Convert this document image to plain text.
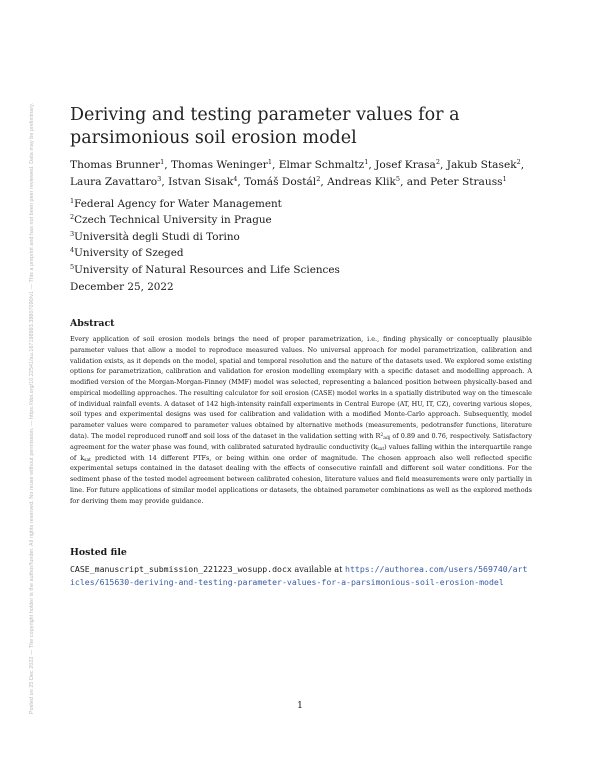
Posted on 25 Dec 2022 — The copyright holder is the author/funder. All rights reserved. No reuse without permission. — https://doi.org/10.22541/au.167198993.39807090/v1 — This a preprint and has not been peer reviewed. Data may be preliminary. Deriving and testing parameter values for a parsimonious soil erosion model
Thomas Brunner$^1$, Thomas Weninger$^1$, Elmar Schmaltz$^1$, Josef Krasa$^2$, Jakub Stasek$^2$, Laura Zavattaro$^3$, Istvan Sisak$^4$, Tomáš Dostál$^2$, Andreas Klik$^5$, and Peter Strauss$^1$
$^1$Federal Agency for Water Management
$^2$Czech Technical University in Prague
$^3$Università degli Studi di Torino
$^4$University of Szeged
$^5$University of Natural Resources and Life Sciences
December 25, 2022
Abstract

Every application of soil erosion models brings the need of proper parametrization, i.e., finding physically or conceptually plausible parameter values that allow a model to reproduce measured values. No universal approach for model parametrization, calibration and validation exists, as it depends on the model, spatial and temporal resolution and the nature of the datasets used. We explored some existing options for parametrization, calibration and validation for erosion modelling exemplary with a specific dataset and modelling approach. A modified version of the Morgan-Morgan-Finney (MMF) model was selected, representing a balanced position between physically-based and empirical modelling approaches. The resulting calculator for soil erosion (CASE) model works in a spatially distributed way on the timescale of individual rainfall events. A dataset of 142 high-intensity rainfall experiments in Central Europe (AT, HU, IT, CZ), covering various slopes, soil types and experimental designs was used for calibration and validation with a modified Monte-Carlo approach. Subsequently, model parameter values were compared to parameter values obtained by alternative methods (measurements, pedotransfer functions, literature data). The model reproduced runoff and soil loss of the dataset in the validation setting with $R^2_{adj}$ of 0.89 and 0.76, respectively. Satisfactory agreement for the water phase was found, with calibrated saturated hydraulic conductivity $(k_{sat})$ values falling within the interquartile range of $k_{sat}$ predicted with 14 different PTFs, or being within one order of magnitude. The chosen approach also well reflected specific experimental setups contained in the dataset dealing with the effects of consecutive rainfall and different soil water conditions. For the sediment phase of the tested model agreement between calibrated cohesion, literature values and field measurements were only partially in line. For future applications of similar model applications or datasets, the obtained parameter combinations as well as the explored methods for deriving them may provide guidance.

Hosted file
CASE_manuscript_submission_221223_wosupp.docx available at https://authorea.com/users/569740/articles/615630-deriving-and-testing-parameter-values-for-a-parsimonious-soil-erosion-model
1
